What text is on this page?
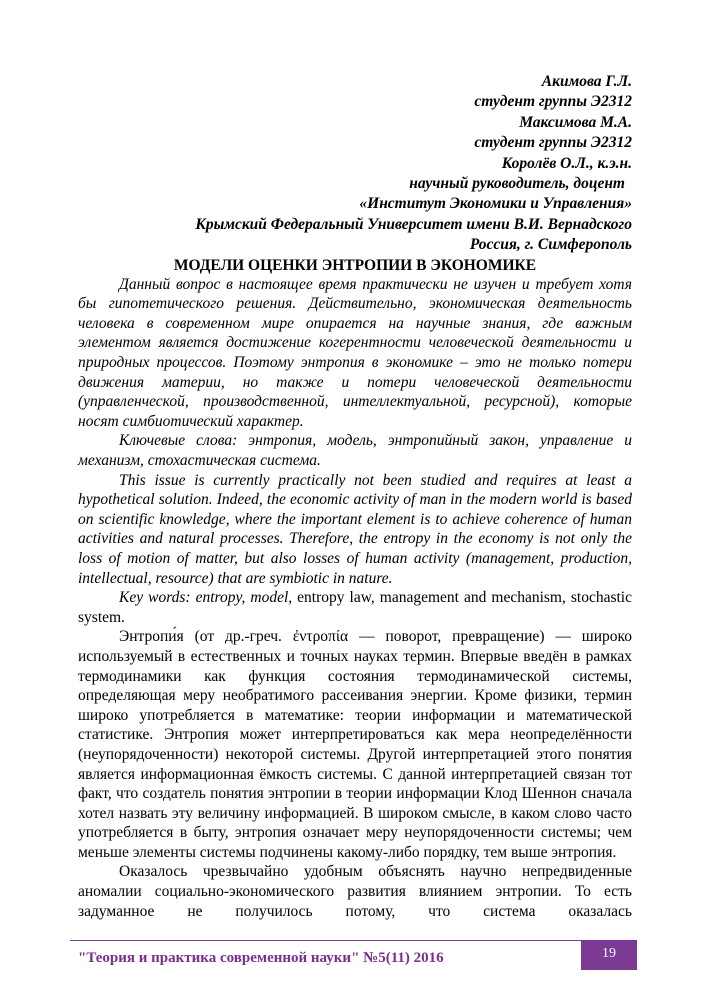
Акимова Г.Л.
студент группы Э2312
Максимова М.А.
студент группы Э2312
Королёв О.Л., к.э.н.
научный руководитель, доцент
«Институт Экономики и Управления»
Крымский Федеральный Университет имени В.И. Вернадского
Россия, г. Симферополь
МОДЕЛИ ОЦЕНКИ ЭНТРОПИИ В ЭКОНОМИКЕ

Данный вопрос в настоящее время практически не изучен и требует хотя бы гипотетического решения. Действительно, экономическая деятельность человека в современном мире опирается на научные знания, где важным элементом является достижение когерентности человеческой деятельности и природных процессов. Поэтому энтропия в экономике – это не только потери движения материи, но также и потери человеческой деятельности (управленческой, производственной, интеллектуальной, ресурсной), которые носят симбиотический характер.

Ключевые слова: энтропия, модель, энтропийный закон, управление и механизм, стохастическая система.

This issue is currently practically not been studied and requires at least a hypothetical solution. Indeed, the economic activity of man in the modern world is based on scientific knowledge, where the important element is to achieve coherence of human activities and natural processes. Therefore, the entropy in the economy is not only the loss of motion of matter, but also losses of human activity (management, production, intellectual, resource) that are symbiotic in nature.

Key words: entropy, model, entropy law, management and mechanism, stochastic system.

Энтропи́я (от др.-греч. ἐντροπία — поворот, превращение) — широко используемый в естественных и точных науках термин. Впервые введён в рамках термодинамики как функция состояния термодинамической системы, определяющая меру необратимого рассеивания энергии. Кроме физики, термин широко употребляется в математике: теории информации и математической статистике. Энтропия может интерпретироваться как мера неопределённости (неупорядоченности) некоторой системы. Другой интерпретацией этого понятия является информационная ёмкость системы. С данной интерпретацией связан тот факт, что создатель понятия энтропии в теории информации Клод Шеннон сначала хотел назвать эту величину информацией. В широком смысле, в каком слово часто употребляется в быту, энтропия означает меру неупорядоченности системы; чем меньше элементы системы подчинены какому-либо порядку, тем выше энтропия.

Оказалось чрезвычайно удобным объяснять научно непредвиденные аномалии социально-экономического развития влиянием энтропии. То есть задуманное не получилось потому, что система оказалась

"Теория и практика современной науки" №5(11) 2016	19
